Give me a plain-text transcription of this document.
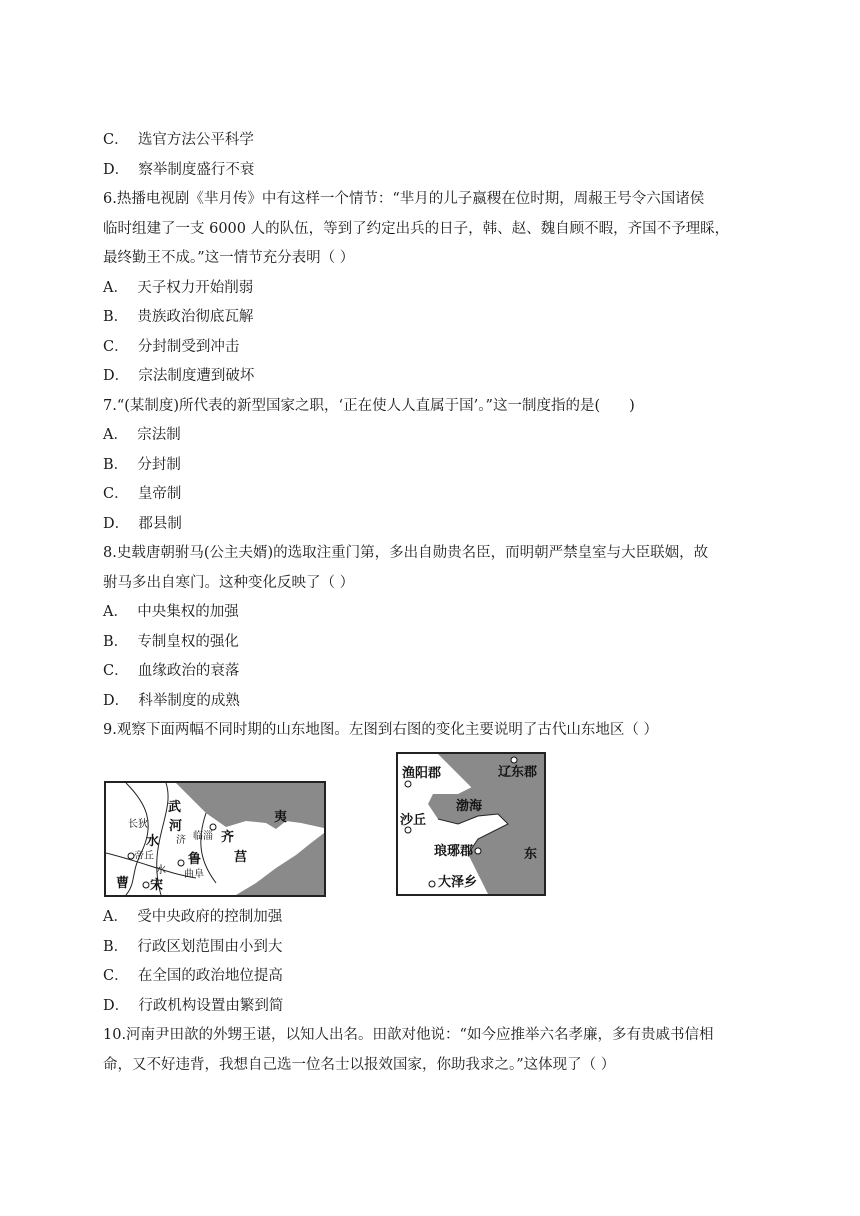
C． 选官方法公平科学
D． 察举制度盛行不衰
6.热播电视剧《芈月传》中有这样一个情节：“芈月的儿子嬴稷在位时期，周赧王号令六国诸侯
临时组建了一支 6000 人的队伍，等到了约定出兵的日子，韩、赵、魏自顾不暇，齐国不予理睬，
最终勤王不成。”这一情节充分表明（ ）
A． 天子权力开始削弱
B． 贵族政治彻底瓦解
C． 分封制受到冲击
D． 宗法制度遭到破坏
7.“(某制度)所代表的新型国家之职，‘正在使人人直属于国’。”这一制度指的是(　　)
A． 宗法制
B． 分封制
C． 皇帝制
D． 郡县制
8.史载唐朝驸马(公主夫婿)的选取注重门第，多出自勋贵名臣，而明朝严禁皇室与大臣联姻，故
驸马多出自寒门。这种变化反映了（ ）
A． 中央集权的加强
B． 专制皇权的强化
C． 血缘政治的衰落
D． 科举制度的成熟
9.观察下面两幅不同时期的山东地图。左图到右图的变化主要说明了古代山东地区（ ）
武
河
长狄
水 济 临淄 齐
夷
帝丘	鲁
曲阜
莒
水
曹 宋
渔阳郡	辽东郡
渤海
沙丘
琅琊郡	东
大泽乡
A． 受中央政府的控制加强
B． 行政区划范围由小到大
C． 在全国的政治地位提高
D． 行政机构设置由繁到简
10.河南尹田歆的外甥王谌，以知人出名。田歆对他说：“如今应推举六名孝廉，多有贵戚书信相
命，又不好违背，我想自己选一位名士以报效国家，你助我求之。”这体现了（ ）
